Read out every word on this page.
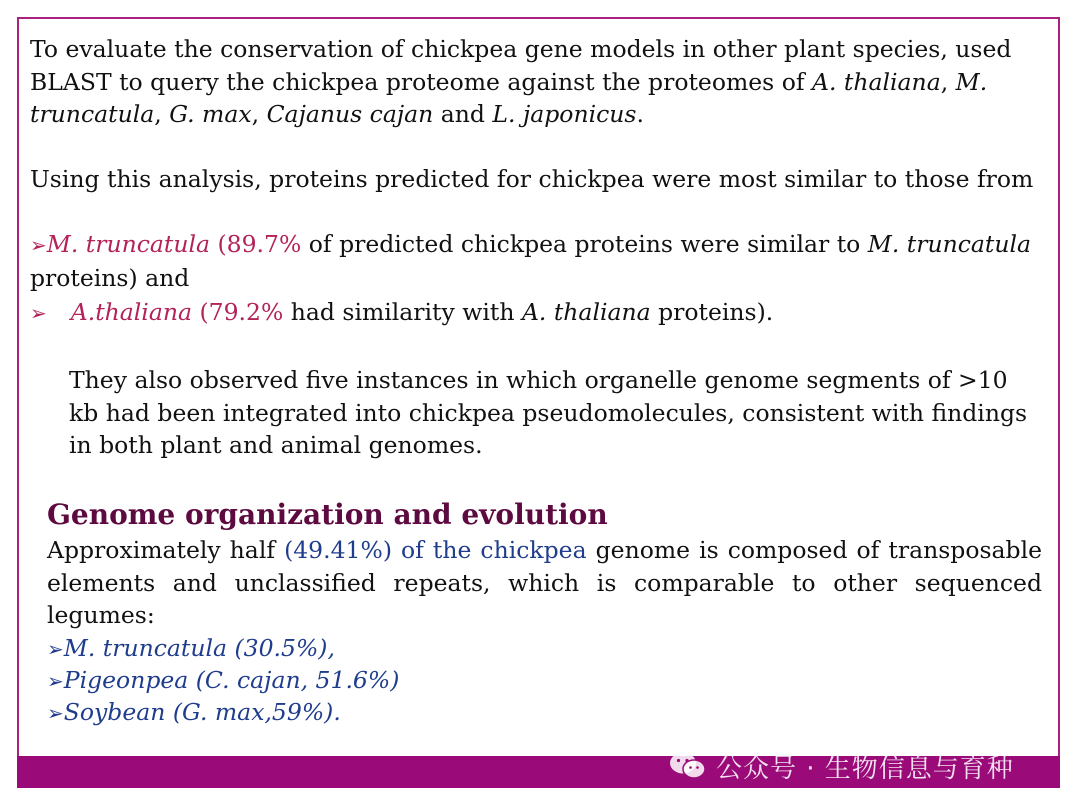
To evaluate the conservation of chickpea gene models in other plant species, used BLAST to query the chickpea proteome against the proteomes of A. thaliana, M. truncatula, G. max, Cajanus cajan and L. japonicus.
Using this analysis, proteins predicted for chickpea were most similar to those from
➢M. truncatula (89.7% of predicted chickpea proteins were similar to M. truncatula proteins) and
➢ A.thaliana (79.2% had similarity with A. thaliana proteins).
They also observed five instances in which organelle genome segments of >10 kb had been integrated into chickpea pseudomolecules, consistent with findings in both plant and animal genomes.
Genome organization and evolution
Approximately half (49.41%) of the chickpea genome is composed of transposable elements and unclassified repeats, which is comparable to other sequenced legumes:
➢M. truncatula (30.5%),
➢Pigeonpea (C. cajan, 51.6%)
➢Soybean (G. max,59%).
公众号 · 生物信息与育种
